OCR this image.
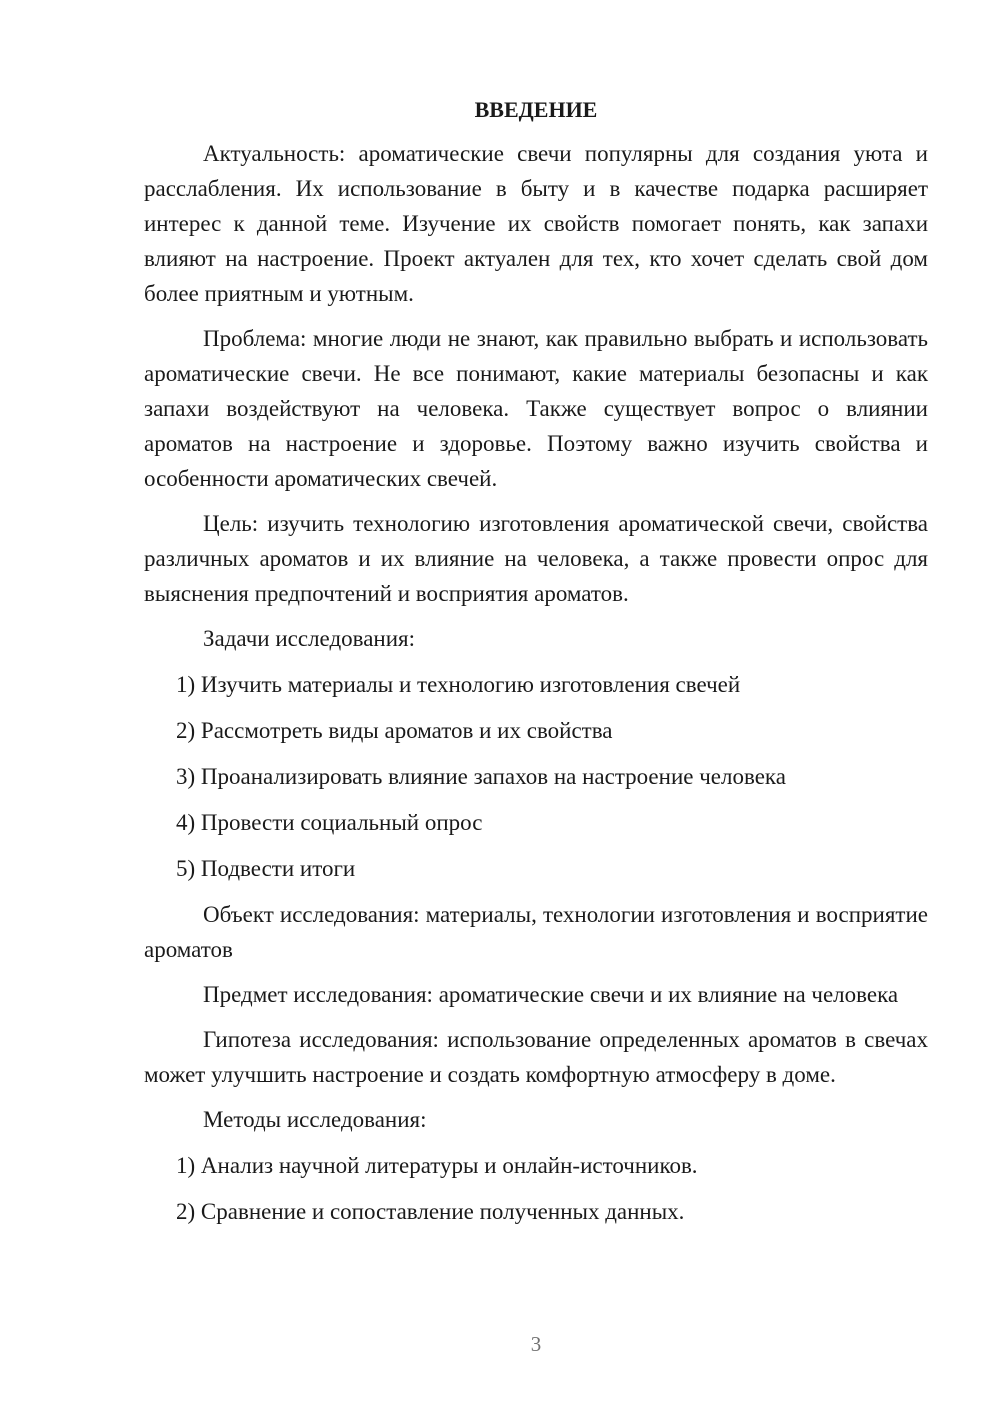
ВВЕДЕНИЕ

Актуальность: ароматические свечи популярны для создания уюта и расслабления. Их использование в быту и в качестве подарка расширяет интерес к данной теме. Изучение их свойств помогает понять, как запахи влияют на настроение. Проект актуален для тех, кто хочет сделать свой дом более приятным и уютным.

Проблема: многие люди не знают, как правильно выбрать и использовать ароматические свечи. Не все понимают, какие материалы безопасны и как запахи воздействуют на человека. Также существует вопрос о влиянии ароматов на настроение и здоровье. Поэтому важно изучить свойства и особенности ароматических свечей.

Цель: изучить технологию изготовления ароматической свечи, свойства различных ароматов и их влияние на человека, а также провести опрос для выяснения предпочтений и восприятия ароматов.

Задачи исследования:

1) Изучить материалы и технологию изготовления свечей

2) Рассмотреть виды ароматов и их свойства

3) Проанализировать влияние запахов на настроение человека

4) Провести социальный опрос

5) Подвести итоги

Объект исследования: материалы, технологии изготовления и восприятие ароматов

Предмет исследования: ароматические свечи и их влияние на человека

Гипотеза исследования: использование определенных ароматов в свечах может улучшить настроение и создать комфортную атмосферу в доме.

Методы исследования:

1) Анализ научной литературы и онлайн-источников.

2) Сравнение и сопоставление полученных данных.

3
